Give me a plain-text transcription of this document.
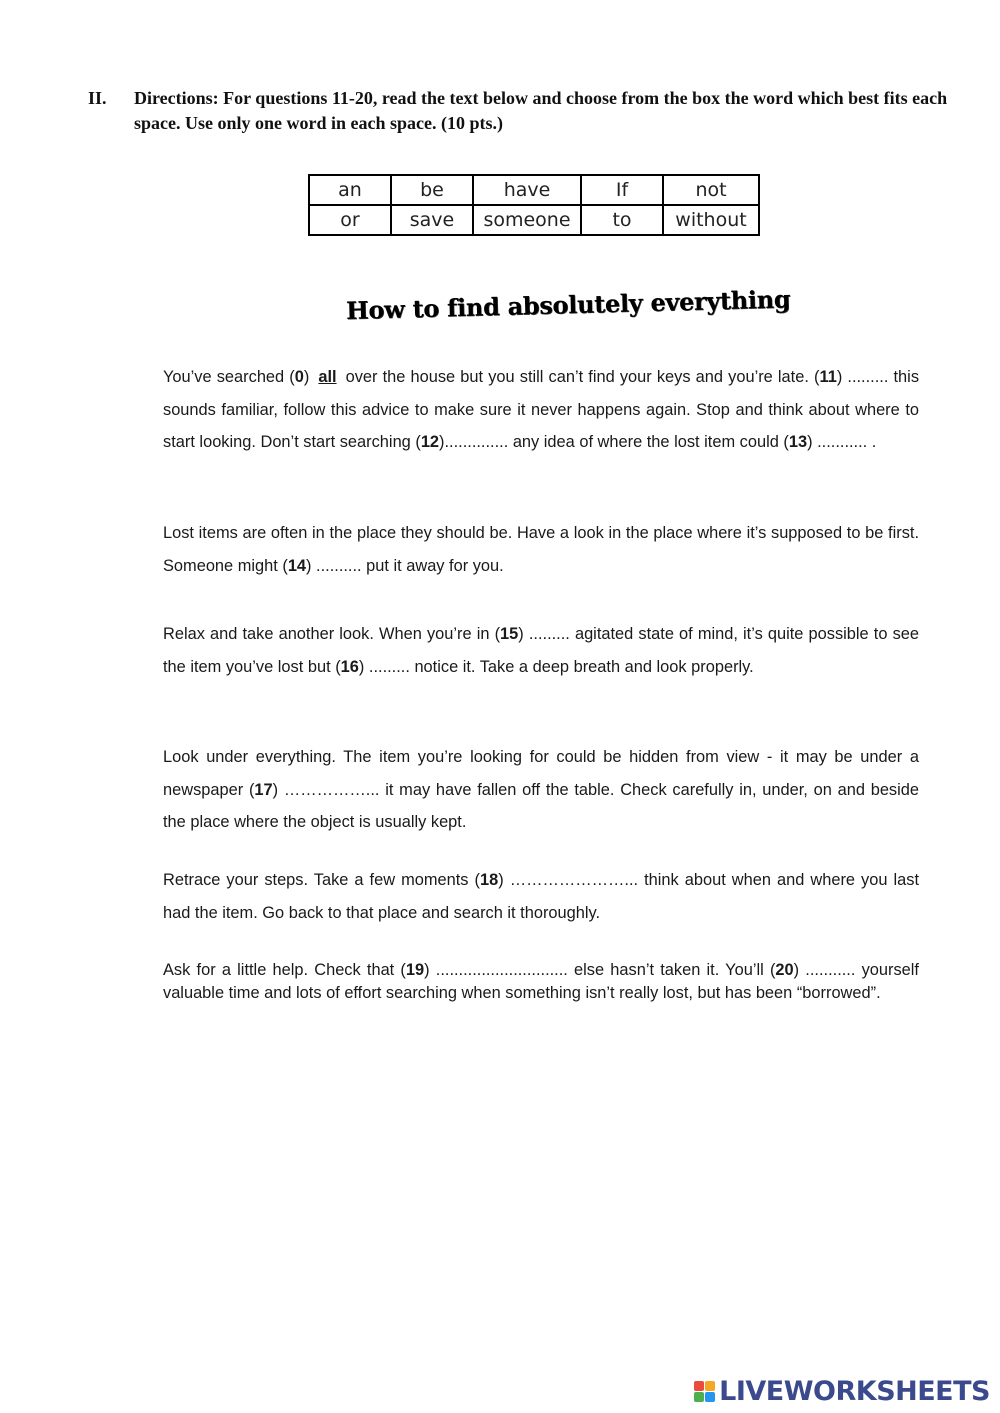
II.	Directions: For questions 11-20, read the text below and choose from the box the word which best fits each space. Use only one word in each space. (10 pts.)
an	be	have	If	not
or	save	someone	to	without
How to find absolutely everything

You’ve searched (0) all over the house but you still can’t find your keys and you’re late. (11) ......... this sounds familiar, follow this advice to make sure it never happens again. Stop and think about where to start looking. Don’t start searching (12).............. any idea of where the lost item could (13) ........... .

Lost items are often in the place they should be. Have a look in the place where it’s supposed to be first. Someone might (14) .......... put it away for you.

Relax and take another look. When you’re in (15) ......... agitated state of mind, it’s quite possible to see the item you’ve lost but (16) ......... notice it. Take a deep breath and look properly.

Look under everything. The item you’re looking for could be hidden from view - it may be under a newspaper (17) ……………... it may have fallen off the table. Check carefully in, under, on and beside the place where the object is usually kept.

Retrace your steps. Take a few moments (18) …………………... think about when and where you last had the item. Go back to that place and search it thoroughly.

Ask for a little help. Check that (19) ............................. else hasn’t taken it. You’ll (20) ........... yourself valuable time and lots of effort searching when something isn’t really lost, but has been “borrowed”.

LIVEWORKSHEETS
